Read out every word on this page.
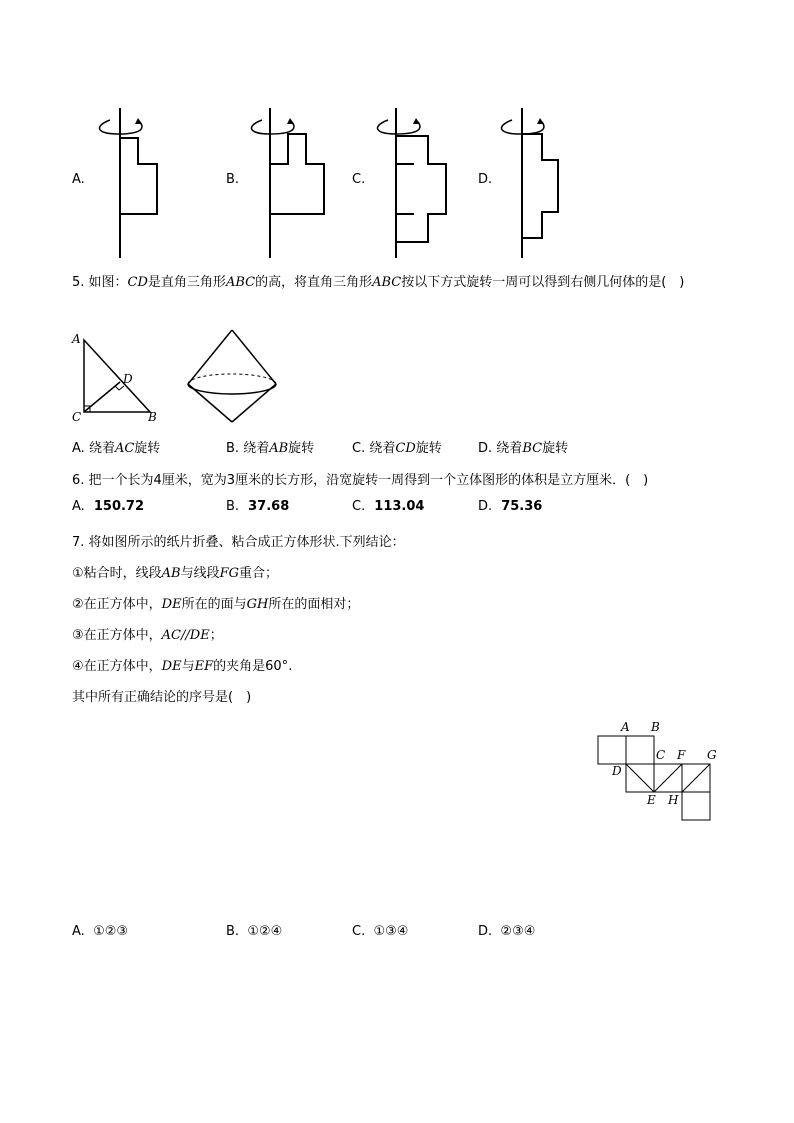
A.	B.	C.	D.
5. 如图：CD是直角三角形ABC的高，将直角三角形ABC按以下方式旋转一周可以得到右侧几何体的是(　)
A
D
C	B
A. 绕着AC旋转	B. 绕着AB旋转	C. 绕着CD旋转	D. 绕着BC旋转
6. 把一个长为4厘米，宽为3厘米的长方形，沿宽旋转一周得到一个立体图形的体积是立方厘米．(　)
A. 150.72	B. 37.68	C. 113.04	D. 75.36
7. 将如图所示的纸片折叠、粘合成正方体形状.下列结论：
①粘合时，线段AB与线段FG重合；
②在正方体中，DE所在的面与GH所在的面相对；
③在正方体中，AC//DE；
④在正方体中，DE与EF的夹角是60°.
其中所有正确结论的序号是(　)
A B
C F G
D
E H
A. ①②③	B. ①②④	C. ①③④	D. ②③④
